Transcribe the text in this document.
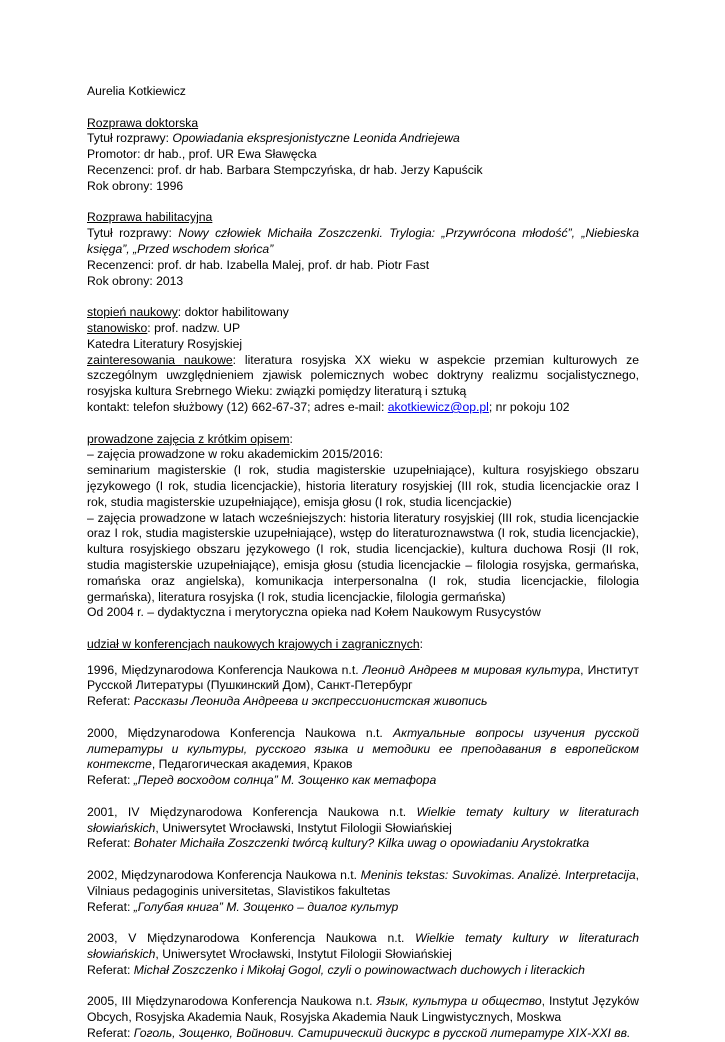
Aurelia Kotkiewicz

Rozprawa doktorska

Tytuł rozprawy: Opowiadania ekspresjonistyczne Leonida Andriejewa

Promotor: dr hab., prof. UR Ewa Sławęcka

Recenzenci: prof. dr hab. Barbara Stempczyńska, dr hab. Jerzy Kapuścik

Rok obrony: 1996

Rozprawa habilitacyjna

Tytuł rozprawy: Nowy człowiek Michaiła Zoszczenki. Trylogia: „Przywrócona młodość”, „Niebieska księga”, „Przed wschodem słońca”

Recenzenci: prof. dr hab. Izabella Malej, prof. dr hab. Piotr Fast

Rok obrony: 2013

stopień naukowy: doktor habilitowany

stanowisko: prof. nadzw. UP

Katedra Literatury Rosyjskiej

zainteresowania naukowe: literatura rosyjska XX wieku w aspekcie przemian kulturowych ze szczególnym uwzględnieniem zjawisk polemicznych wobec doktryny realizmu socjalistycznego, rosyjska kultura Srebrnego Wieku: związki pomiędzy literaturą i sztuką

kontakt: telefon służbowy (12) 662-67-37; adres e-mail: akotkiewicz@op.pl; nr pokoju 102

prowadzone zajęcia z krótkim opisem:

– zajęcia prowadzone w roku akademickim 2015/2016:

seminarium magisterskie (I rok, studia magisterskie uzupełniające), kultura rosyjskiego obszaru językowego (I rok, studia licencjackie), historia literatury rosyjskiej (III rok, studia licencjackie oraz I rok, studia magisterskie uzupełniające), emisja głosu (I rok, studia licencjackie)

– zajęcia prowadzone w latach wcześniejszych: historia literatury rosyjskiej (III rok, studia licencjackie oraz I rok, studia magisterskie uzupełniające), wstęp do literaturoznawstwa (I rok, studia licencjackie), kultura rosyjskiego obszaru językowego (I rok, studia licencjackie), kultura duchowa Rosji (II rok, studia magisterskie uzupełniające), emisja głosu (studia licencjackie – filologia rosyjska, germańska, romańska oraz angielska), komunikacja interpersonalna (I rok, studia licencjackie, filologia germańska), literatura rosyjska (I rok, studia licencjackie, filologia germańska)

Od 2004 r. – dydaktyczna i merytoryczna opieka nad Kołem Naukowym Rusycystów

udział w konferencjach naukowych krajowych i zagranicznych:

1996, Międzynarodowa Konferencja Naukowa n.t. Леонид Андреев м мировая культура, Институт Русской Литературы (Пушкинский Дом), Санкт-Петербург

Referat: Рассказы Леонида Андреева и экспрессионистская живопись

2000, Międzynarodowa Konferencja Naukowa n.t. Актуальные вопросы изучения русской литературы и культуры, русского языка и методики ее преподавания в европейском контексте, Педагогическая академия, Краков

Referat: „Перед восходом солнца” М. Зощенко как метафора

2001, IV Międzynarodowa Konferencja Naukowa n.t. Wielkie tematy kultury w literaturach słowiańskich, Uniwersytet Wrocławski, Instytut Filologii Słowiańskiej

Referat: Bohater Michaiła Zoszczenki twórcą kultury? Kilka uwag o opowiadaniu Arystokratka

2002, Międzynarodowa Konferencja Naukowa n.t. Meninis tekstas: Suvokimas. Analizė. Interpretacija, Vilniaus pedagoginis universitetas, Slavistikos fakultetas

Referat: „Голубая книга” М. Зощенко – диалог культур

2003, V Międzynarodowa Konferencja Naukowa n.t. Wielkie tematy kultury w literaturach słowiańskich, Uniwersytet Wrocławski, Instytut Filologii Słowiańskiej

Referat: Michał Zoszczenko i Mikołaj Gogol, czyli o powinowactwach duchowych i literackich

2005, III Międzynarodowa Konferencja Naukowa n.t. Язык, культура и общество, Instytut Języków Obcych, Rosyjska Akademia Nauk, Rosyjska Akademia Nauk Lingwistycznych, Moskwa

Referat: Гоголь, Зощенко, Войнович. Сатирический дискурс в русской литературе XIX-XXI вв.
